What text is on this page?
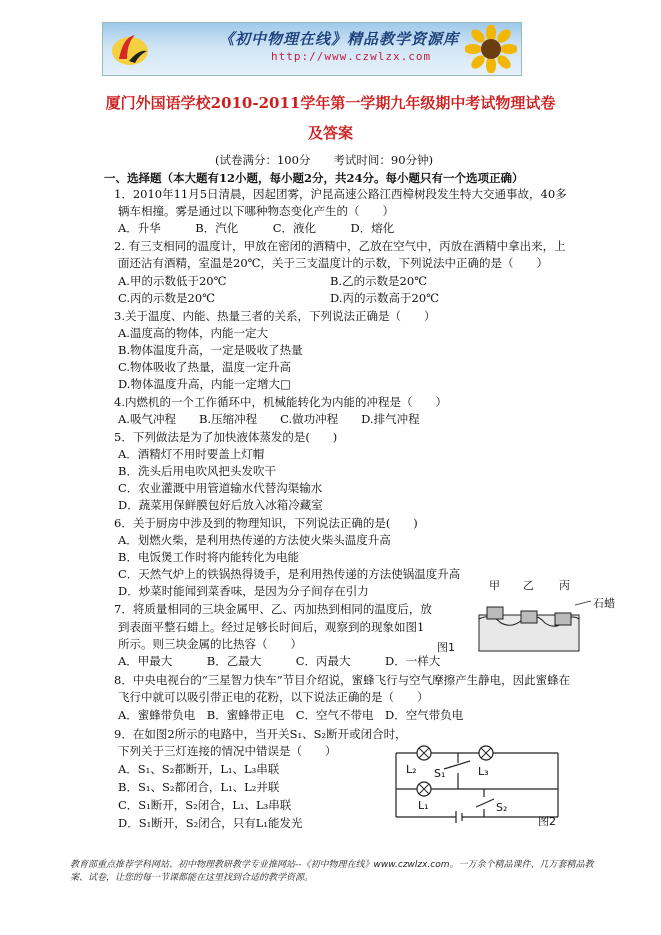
《初中物理在线》精品教学资源库
http://www.czwlzx.com
厦门外国语学校2010-2011学年第一学期九年级期中考试物理试卷
及答案
(试卷满分：100分　　考试时间：90分钟)
一、选择题（本大题有12小题，每小题2分，共24分。每小题只有一个选项正确）
1．2010年11月5日清晨，因起团雾，沪昆高速公路江西樟树段发生特大交通事故，40多
辆车相撞。雾是通过以下哪种物态变化产生的（　　）
A．升华　　　B．汽化　　　C．液化　　　D．熔化
2. 有三支相同的温度计，甲放在密闭的酒精中，乙放在空气中，丙放在酒精中拿出来，上
面还沾有酒精，室温是20℃，关于三支温度计的示数，下列说法中正确的是（　　）
A.甲的示数低于20℃　　　　　　　　　B.乙的示数是20℃
C.丙的示数是20℃　　　　　　　　　　D.丙的示数高于20℃
3.关于温度、内能、热量三者的关系，下列说法正确是（　　）
A.温度高的物体，内能一定大
B.物体温度升高，一定是吸收了热量
C.物体吸收了热量，温度一定升高
D.物体温度升高，内能一定增大□
4.内燃机的一个工作循环中，机械能转化为内能的冲程是（　　）
A.吸气冲程　　B.压缩冲程　　C.做功冲程　　D.排气冲程
5．下列做法是为了加快液体蒸发的是(　　)
A．酒精灯不用时要盖上灯帽
B．洗头后用电吹风把头发吹干
C．农业灌溉中用管道输水代替沟渠输水
D．蔬菜用保鲜膜包好后放入冰箱冷藏室
6．关于厨房中涉及到的物理知识，下列说法正确的是(　　)
A．划燃火柴，是利用热传递的方法使火柴头温度升高
B．电饭煲工作时将内能转化为电能
C．天然气炉上的铁锅热得烫手，是利用热传递的方法使锅温度升高
D．炒菜时能闻到菜香味，是因为分子间存在引力
7．将质量相同的三块金属甲、乙、丙加热到相同的温度后，放
到表面平整石蜡上。经过足够长时间后，观察到的现象如图1
所示。则三块金属的比热容（　　）
A．甲最大　　　B．乙最大　　　C．丙最大　　　D．一样大
甲 乙 丙
石蜡
图1
8．中央电视台的“三星智力快车”节目介绍说，蜜蜂飞行与空气摩擦产生静电，因此蜜蜂在
飞行中就可以吸引带正电的花粉，以下说法正确的是（　　）
A．蜜蜂带负电　B．蜜蜂带正电　C．空气不带电　D．空气带负电
9．在如图2所示的电路中，当开关S₁、S₂断开或闭合时，
下列关于三灯连接的情况中错误是（　　）
A．S₁、S₂都断开，L₁、L₃串联
B．S₁、S₂都闭合，L₁、L₂并联
C．S₁断开，S₂闭合，L₁、L₃串联
D．S₁断开，S₂闭合，只有L₁能发光
L₂ S₁	L₃
L₁	S₂
图2
教育部重点推荐学科网站、初中物理教研教学专业推网站--《初中物理在线》www.czwlzx.com。一万余个精品课件、几万套精品教案、试卷，让您的每一节课都能在这里找到合适的教学资源。
